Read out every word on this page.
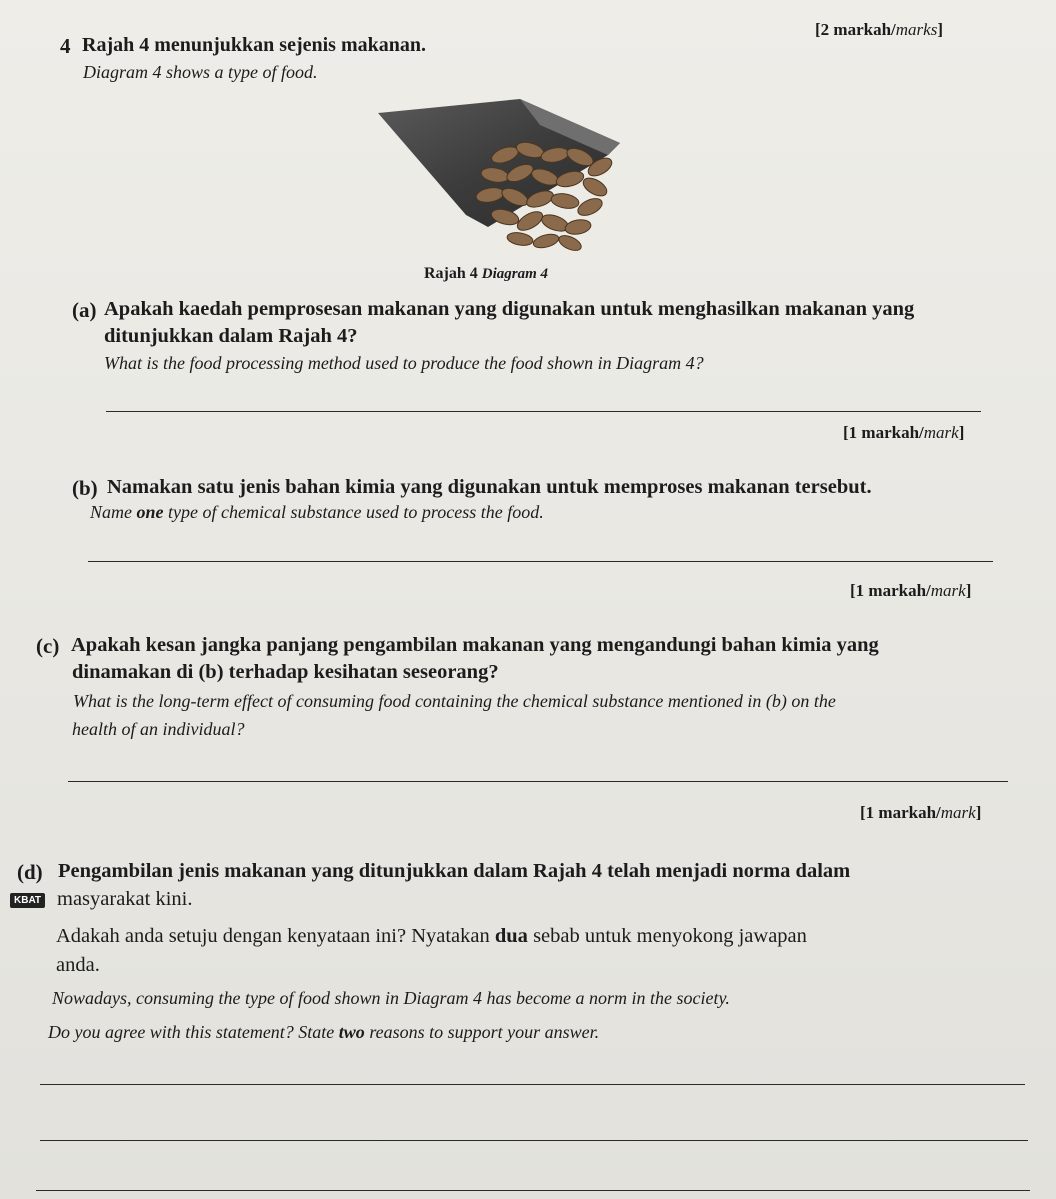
[2 markah/marks]
4 Rajah 4 menunjukkan sejenis makanan.
Diagram 4 shows a type of food.
Rajah 4 Diagram 4
(a) Apakah kaedah pemprosesan makanan yang digunakan untuk menghasilkan makanan yang
ditunjukkan dalam Rajah 4?
What is the food processing method used to produce the food shown in Diagram 4?
[1 markah/mark]
(b) Namakan satu jenis bahan kimia yang digunakan untuk memproses makanan tersebut.
Name one type of chemical substance used to process the food.
[1 markah/mark]
(c) Apakah kesan jangka panjang pengambilan makanan yang mengandungi bahan kimia yang
dinamakan di (b) terhadap kesihatan seseorang?
What is the long-term effect of consuming food containing the chemical substance mentioned in (b) on the
health of an individual?
[1 markah/mark]
(d) Pengambilan jenis makanan yang ditunjukkan dalam Rajah 4 telah menjadi norma dalam
KBAT masyarakat kini.
Adakah anda setuju dengan kenyataan ini? Nyatakan dua sebab untuk menyokong jawapan
anda.
Nowadays, consuming the type of food shown in Diagram 4 has become a norm in the society.
Do you agree with this statement? State two reasons to support your answer.
